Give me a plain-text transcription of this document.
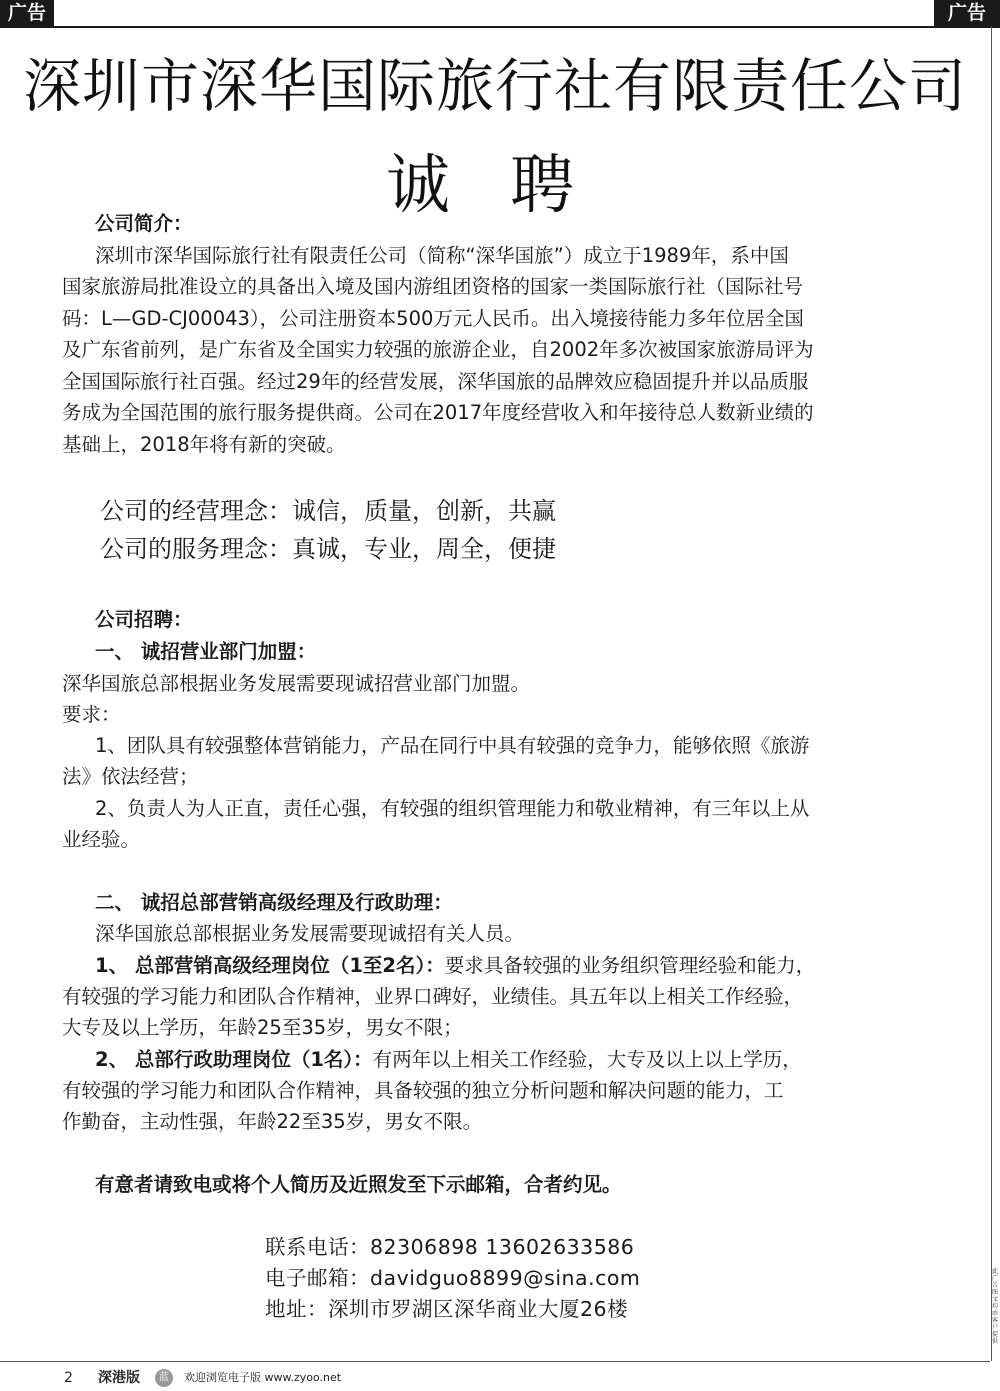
广告	广告
此广告图文均由客户提供
深圳市深华国际旅行社有限责任公司
诚聘
公司简介：
深圳市深华国际旅行社有限责任公司（简称“深华国旅”）成立于1989年，系中国
国家旅游局批准设立的具备出入境及国内游组团资格的国家一类国际旅行社（国际社号
码：L—GD-CJ00043），公司注册资本500万元人民币。出入境接待能力多年位居全国
及广东省前列，是广东省及全国实力较强的旅游企业，自2002年多次被国家旅游局评为
全国国际旅行社百强。经过29年的经营发展，深华国旅的品牌效应稳固提升并以品质服
务成为全国范围的旅行服务提供商。公司在2017年度经营收入和年接待总人数新业绩的
基础上，2018年将有新的突破。
公司的经营理念：诚信，质量，创新，共赢
公司的服务理念：真诚，专业，周全，便捷
公司招聘：
一、 诚招营业部门加盟：
深华国旅总部根据业务发展需要现诚招营业部门加盟。
要求：
1、团队具有较强整体营销能力，产品在同行中具有较强的竞争力，能够依照《旅游
法》依法经营；
2、负责人为人正直，责任心强，有较强的组织管理能力和敬业精神，有三年以上从
业经验。
二、 诚招总部营销高级经理及行政助理：
深华国旅总部根据业务发展需要现诚招有关人员。
1、 总部营销高级经理岗位（1至2名）：要求具备较强的业务组织管理经验和能力，
有较强的学习能力和团队合作精神，业界口碑好，业绩佳。具五年以上相关工作经验，
大专及以上学历，年龄25至35岁，男女不限；
2、 总部行政助理岗位（1名）：有两年以上相关工作经验，大专及以上以上学历，
有较强的学习能力和团队合作精神，具备较强的独立分析问题和解决问题的能力，工
作勤奋，主动性强，年龄22至35岁，男女不限。
有意者请致电或将个人简历及近照发至下示邮箱，合者约见。
联系电话：82306898 13602633586
电子邮箱：davidguo8899@sina.com
地址：深圳市罗湖区深华商业大厦26楼
2 深港版	蓝	欢迎浏览电子版 www.zyoo.net
